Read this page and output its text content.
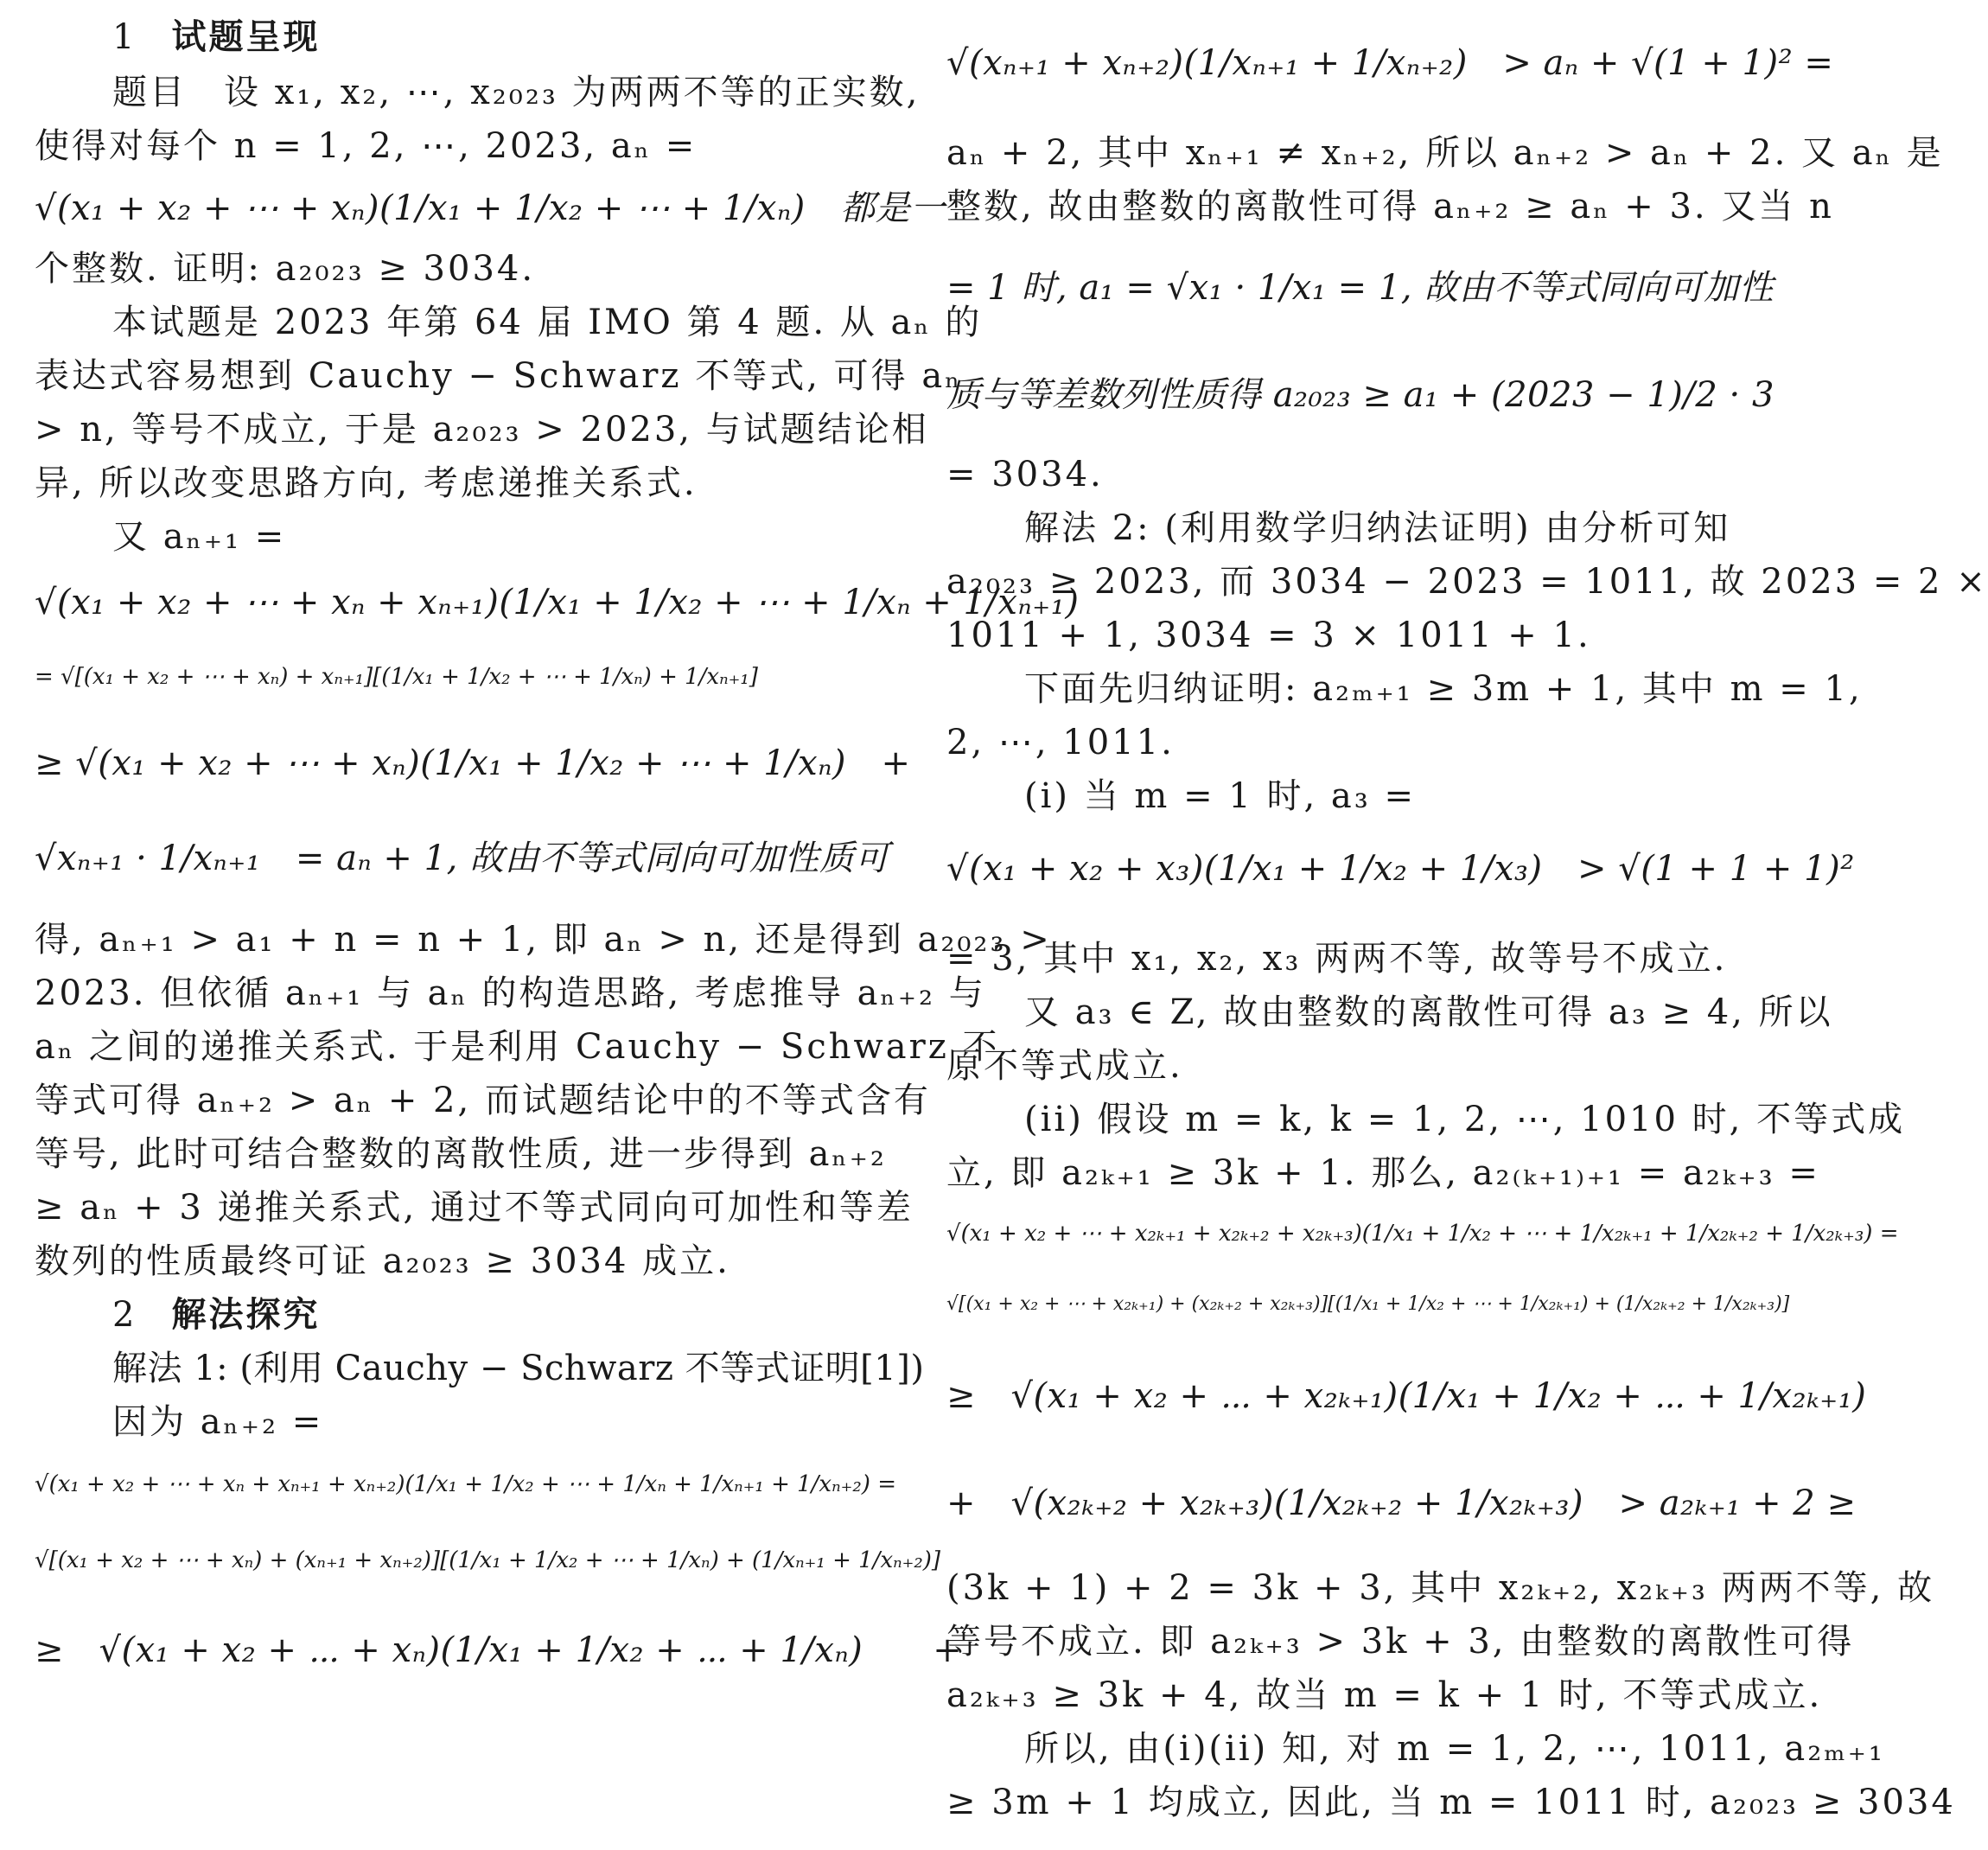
1 试题呈现
题目　设 x₁, x₂, ⋯, x₂₀₂₃ 为两两不等的正实数,
使得对每个 n = 1, 2, ⋯, 2023, aₙ =
√(x₁ + x₂ + ⋯ + xₙ)(1/x₁ + 1/x₂ + ⋯ + 1/xₙ)　都是一
个整数. 证明: a₂₀₂₃ ≥ 3034.
本试题是 2023 年第 64 届 IMO 第 4 题. 从 aₙ 的
表达式容易想到 Cauchy − Schwarz 不等式, 可得 aₙ
> n, 等号不成立, 于是 a₂₀₂₃ > 2023, 与试题结论相
异, 所以改变思路方向, 考虑递推关系式.
又 aₙ₊₁ =
√(x₁ + x₂ + ⋯ + xₙ + xₙ₊₁)(1/x₁ + 1/x₂ + ⋯ + 1/xₙ + 1/xₙ₊₁)
= √[(x₁ + x₂ + ⋯ + xₙ) + xₙ₊₁][(1/x₁ + 1/x₂ + ⋯ + 1/xₙ) + 1/xₙ₊₁]
≥ √(x₁ + x₂ + ⋯ + xₙ)(1/x₁ + 1/x₂ + ⋯ + 1/xₙ)　+
√xₙ₊₁ · 1/xₙ₊₁　= aₙ + 1, 故由不等式同向可加性质可
得, aₙ₊₁ > a₁ + n = n + 1, 即 aₙ > n, 还是得到 a₂₀₂₃ >
2023. 但依循 aₙ₊₁ 与 aₙ 的构造思路, 考虑推导 aₙ₊₂ 与
aₙ 之间的递推关系式. 于是利用 Cauchy − Schwarz 不
等式可得 aₙ₊₂ > aₙ + 2, 而试题结论中的不等式含有
等号, 此时可结合整数的离散性质, 进一步得到 aₙ₊₂
≥ aₙ + 3 递推关系式, 通过不等式同向可加性和等差
数列的性质最终可证 a₂₀₂₃ ≥ 3034 成立.
2 解法探究
解法 1: (利用 Cauchy − Schwarz 不等式证明[1])
因为 aₙ₊₂ =
√(x₁ + x₂ + ⋯ + xₙ + xₙ₊₁ + xₙ₊₂)(1/x₁ + 1/x₂ + ⋯ + 1/xₙ + 1/xₙ₊₁ + 1/xₙ₊₂) =
√[(x₁ + x₂ + ⋯ + xₙ) + (xₙ₊₁ + xₙ₊₂)][(1/x₁ + 1/x₂ + ⋯ + 1/xₙ) + (1/xₙ₊₁ + 1/xₙ₊₂)]
≥　√(x₁ + x₂ + ⋯ + xₙ)(1/x₁ + 1/x₂ + ⋯ + 1/xₙ)　　+
√(xₙ₊₁ + xₙ₊₂)(1/xₙ₊₁ + 1/xₙ₊₂)　> aₙ + √(1 + 1)² =
aₙ + 2, 其中 xₙ₊₁ ≠ xₙ₊₂, 所以 aₙ₊₂ > aₙ + 2. 又 aₙ 是
整数, 故由整数的离散性可得 aₙ₊₂ ≥ aₙ + 3. 又当 n
= 1 时, a₁ = √x₁ · 1/x₁ = 1, 故由不等式同向可加性
质与等差数列性质得 a₂₀₂₃ ≥ a₁ + (2023 − 1)/2 · 3
= 3034.
解法 2: (利用数学归纳法证明) 由分析可知
a₂₀₂₃ ≥ 2023, 而 3034 − 2023 = 1011, 故 2023 = 2 ×
1011 + 1, 3034 = 3 × 1011 + 1.
下面先归纳证明: a₂ₘ₊₁ ≥ 3m + 1, 其中 m = 1,
2, ⋯, 1011.
(i) 当 m = 1 时, a₃ =
√(x₁ + x₂ + x₃)(1/x₁ + 1/x₂ + 1/x₃)　> √(1 + 1 + 1)²
= 3, 其中 x₁, x₂, x₃ 两两不等, 故等号不成立.
又 a₃ ∈ Z, 故由整数的离散性可得 a₃ ≥ 4, 所以
原不等式成立.
(ii) 假设 m = k, k = 1, 2, ⋯, 1010 时, 不等式成
立, 即 a₂ₖ₊₁ ≥ 3k + 1. 那么, a₂₍ₖ₊₁₎₊₁ = a₂ₖ₊₃ =
√(x₁ + x₂ + ⋯ + x₂ₖ₊₁ + x₂ₖ₊₂ + x₂ₖ₊₃)(1/x₁ + 1/x₂ + ⋯ + 1/x₂ₖ₊₁ + 1/x₂ₖ₊₂ + 1/x₂ₖ₊₃) =
√[(x₁ + x₂ + ⋯ + x₂ₖ₊₁) + (x₂ₖ₊₂ + x₂ₖ₊₃)][(1/x₁ + 1/x₂ + ⋯ + 1/x₂ₖ₊₁) + (1/x₂ₖ₊₂ + 1/x₂ₖ₊₃)]
≥　√(x₁ + x₂ + ⋯ + x₂ₖ₊₁)(1/x₁ + 1/x₂ + ⋯ + 1/x₂ₖ₊₁)
+　√(x₂ₖ₊₂ + x₂ₖ₊₃)(1/x₂ₖ₊₂ + 1/x₂ₖ₊₃)　> a₂ₖ₊₁ + 2 ≥
(3k + 1) + 2 = 3k + 3, 其中 x₂ₖ₊₂, x₂ₖ₊₃ 两两不等, 故
等号不成立. 即 a₂ₖ₊₃ > 3k + 3, 由整数的离散性可得
a₂ₖ₊₃ ≥ 3k + 4, 故当 m = k + 1 时, 不等式成立.
所以, 由(i)(ii) 知, 对 m = 1, 2, ⋯, 1011, a₂ₘ₊₁
≥ 3m + 1 均成立, 因此, 当 m = 1011 时, a₂₀₂₃ ≥ 3034
